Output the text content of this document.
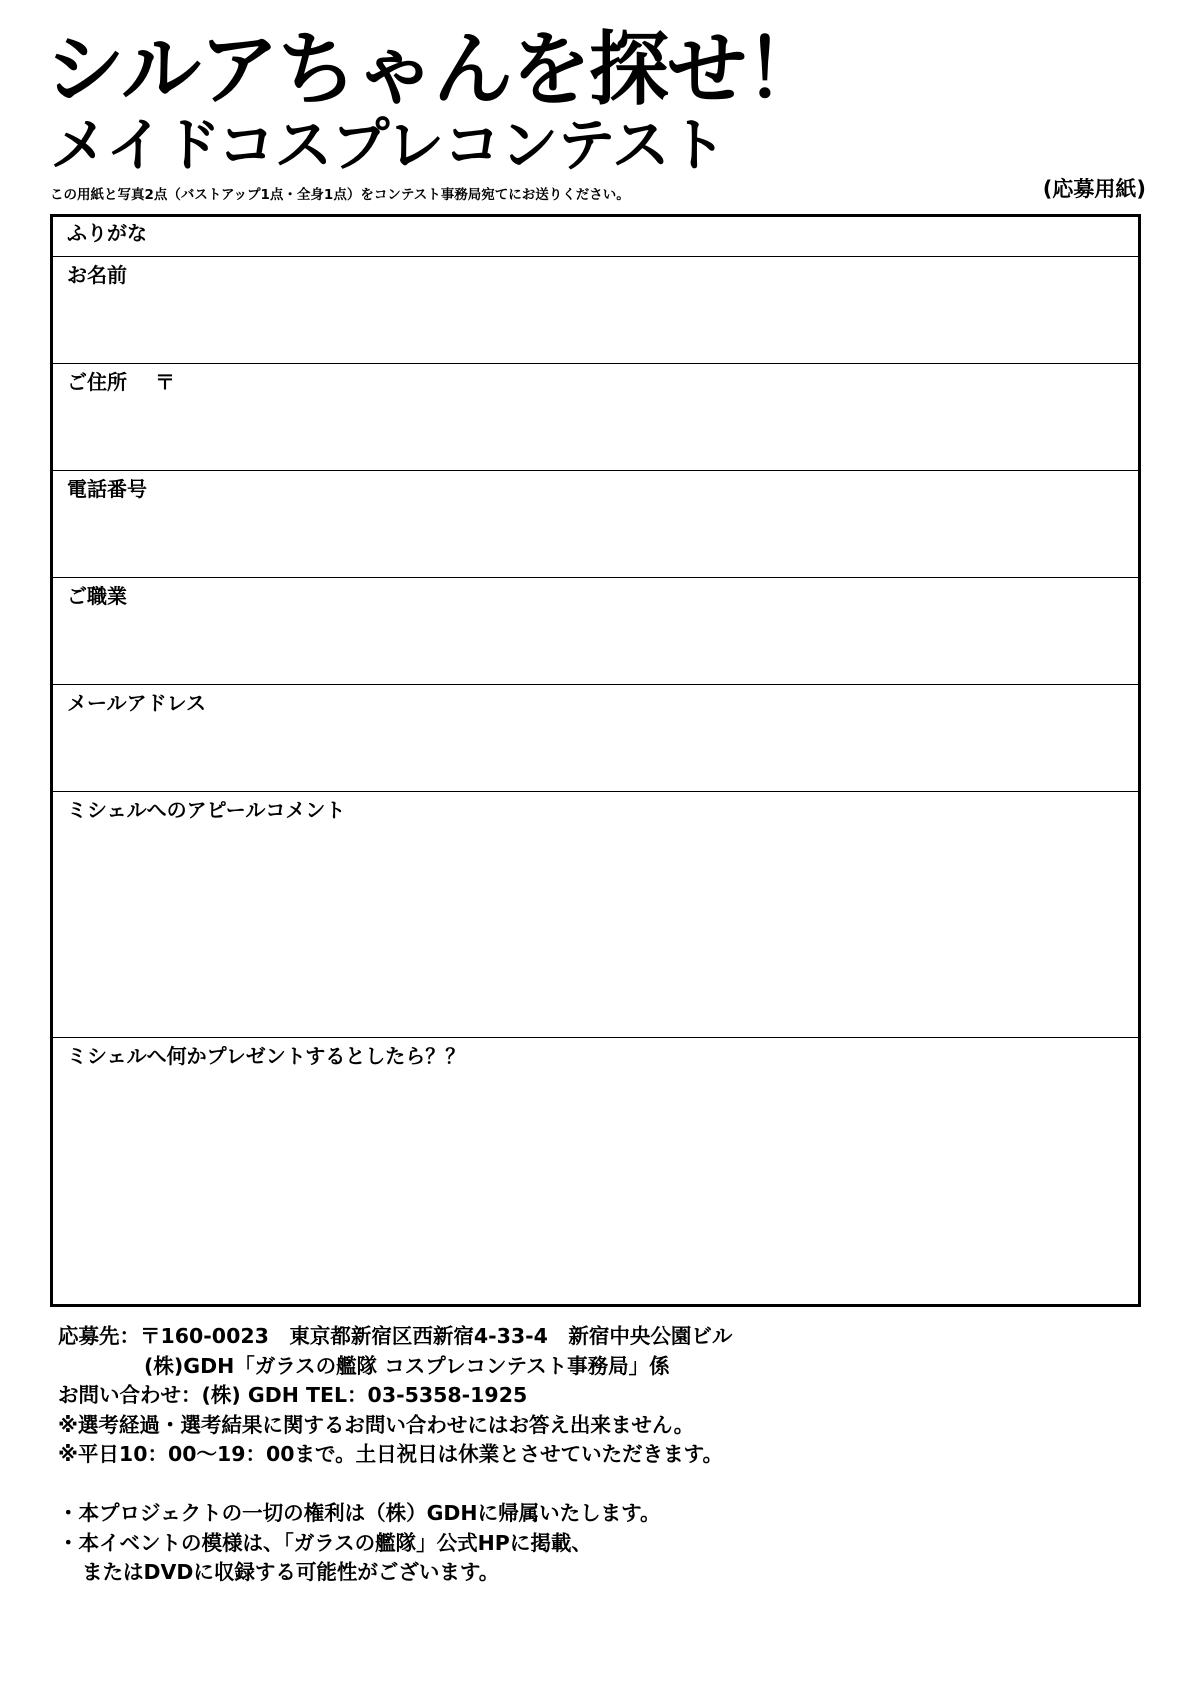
シルアちゃんを探せ！
メイドコスプレコンテスト
この用紙と写真2点（バストアップ1点・全身1点）をコンテスト事務局宛てにお送りください。	(応募用紙)
ふりがな
お名前
ご住所 〒
電話番号
ご職業
メールアドレス
ミシェルへのアピールコメント
ミシェルへ何かプレゼントするとしたら？？
応募先：〒160-0023　東京都新宿区西新宿4-33-4　新宿中央公園ビル
(株)GDH「ガラスの艦隊 コスプレコンテスト事務局」係
お問い合わせ：(株) GDH TEL：03-5358-1925
※選考経過・選考結果に関するお問い合わせにはお答え出来ません。
※平日10：00〜19：00まで。土日祝日は休業とさせていただきます。
・本プロジェクトの一切の権利は（株）GDHに帰属いたします。
・本イベントの模様は、「ガラスの艦隊」公式HPに掲載、
またはDVDに収録する可能性がございます。
